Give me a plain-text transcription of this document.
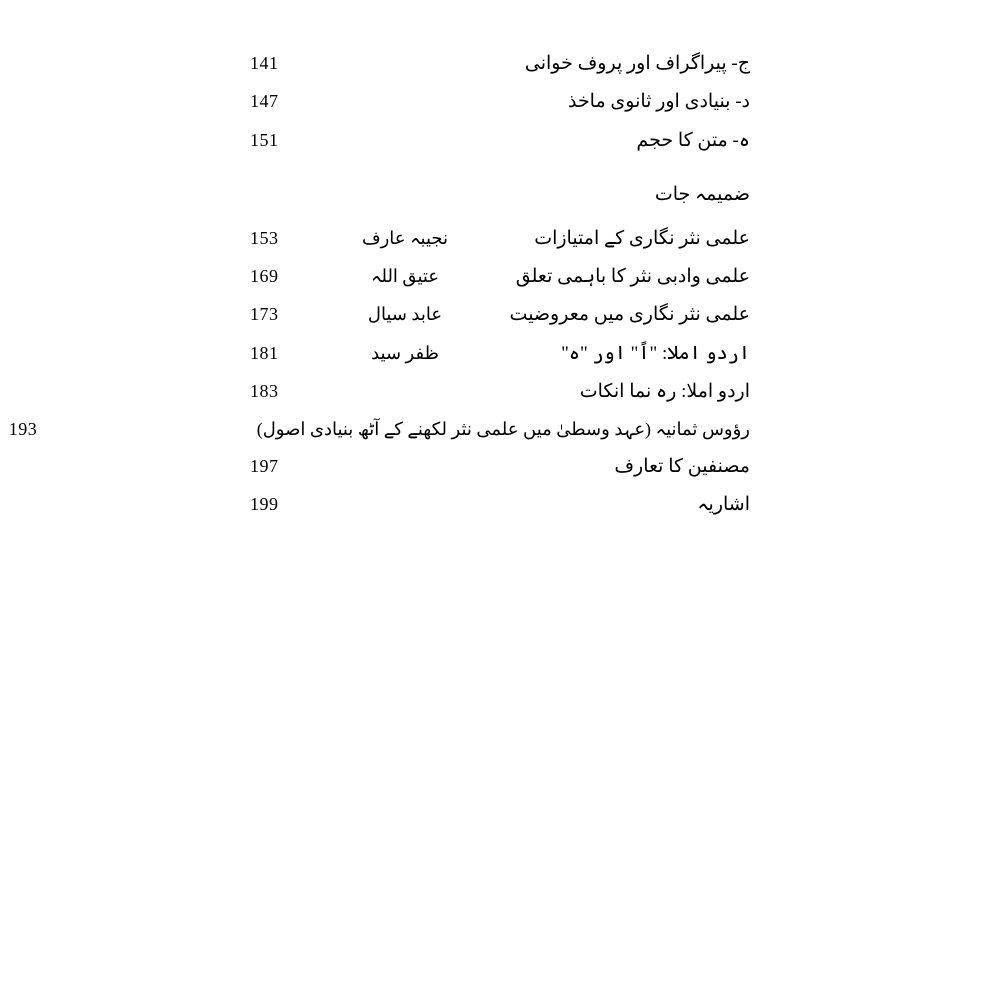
ج- پیراگراف اور پروف خوانی
141
د- بنیادی اور ثانوی ماخذ
147
ہ- متن کا حجم
151
ضمیمہ جات
علمی نثر نگاری کے امتیازات
نجیبہ عارف
153
علمی وادبی نثر کا باہمی تعلق
عتیق اللہ
169
علمی نثر نگاری میں معروضیت
عابد سیال
173
اردو املا: "اً" اور "ہ"
ظفر سید
181
اردو املا: رہ نما انکات
183
رؤوس ثمانیہ (عہد وسطیٰ میں علمی نثر لکھنے کے آٹھ بنیادی اصول)
193
مصنفین کا تعارف
197
اشاریہ
199
